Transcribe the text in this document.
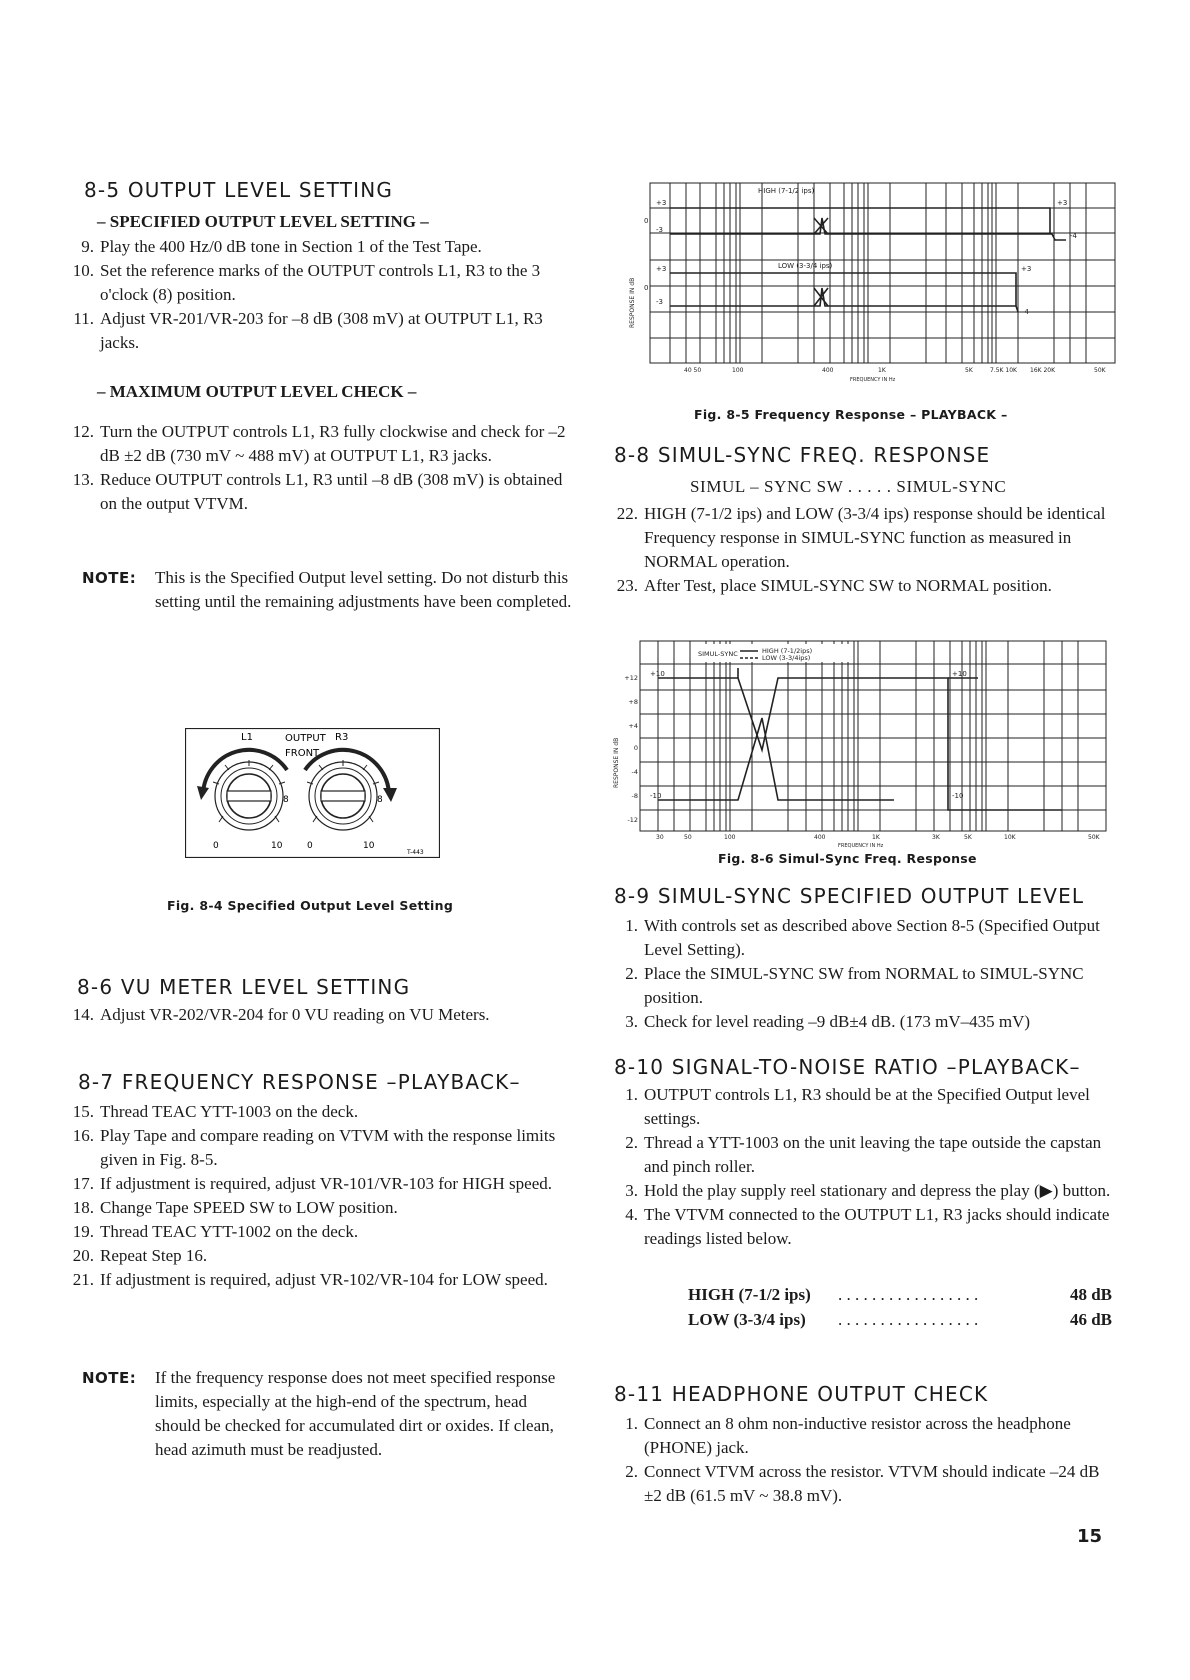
8-5 OUTPUT LEVEL SETTING
– SPECIFIED OUTPUT LEVEL SETTING –
9. Play the 400 Hz/0 dB tone in Section 1 of the Test Tape.
10. Set the reference marks of the OUTPUT controls L1, R3 to the 3 o'clock (8) position.
11. Adjust VR-201/VR-203 for –8 dB (308 mV) at OUTPUT L1, R3 jacks.
– MAXIMUM OUTPUT LEVEL CHECK –
12. Turn the OUTPUT controls L1, R3 fully clockwise and check for –2 dB ±2 dB (730 mV ~ 488 mV) at OUTPUT L1, R3 jacks.
13. Reduce OUTPUT controls L1, R3 until –8 dB (308 mV) is obtained on the output VTVM.
NOTE: This is the Specified Output level setting. Do not disturb this setting until the remaining adjustments have been completed.
L1	OUTPUT R3
FRONT
8
0	10
8
0	10
T-443
Fig. 8-4 Specified Output Level Setting
8-6 VU METER LEVEL SETTING
14. Adjust VR-202/VR-204 for 0 VU reading on VU Meters.
8-7 FREQUENCY RESPONSE –PLAYBACK–
15. Thread TEAC YTT-1003 on the deck.
16. Play Tape and compare reading on VTVM with the response limits given in Fig. 8-5.
17. If adjustment is required, adjust VR-101/VR-103 for HIGH speed.
18. Change Tape SPEED SW to LOW position.
19. Thread TEAC YTT-1002 on the deck.
20. Repeat Step 16.
21. If adjustment is required, adjust VR-102/VR-104 for LOW speed.
NOTE: If the frequency response does not meet specified response limits, especially at the high-end of the spectrum, head should be checked for accumulated dirt or oxides. If clean, head azimuth must be readjusted.
HIGH (7-1/2 ips)
LOW (3-3/4 ips)
+3
-3
+3
-4
+3
-3
+3
-4
0
0
RESPONSE IN dB
40 50	100	400	1K	5K	7.5K 10K 16K 20K	50K
FREQUENCY IN Hz
Fig. 8-5 Frequency Response – PLAYBACK –
8-8 SIMUL-SYNC FREQ. RESPONSE
SIMUL – SYNC SW . . . . . SIMUL-SYNC
22. HIGH (7-1/2 ips) and LOW (3-3/4 ips) response should be identical Frequency response in SIMUL-SYNC function as measured in NORMAL operation.
23. After Test, place SIMUL-SYNC SW to NORMAL position.
SIMUL-SYNC	HIGH (7-1/2ips)
LOW (3-3/4ips)
+10	+10
-10	-10
+12
+8
+4
0
-4
-8
-12
RESPONSE IN dB
30	50	100	400	1K	3K	5K	10K	50K
FREQUENCY IN Hz
Fig. 8-6 Simul-Sync Freq. Response
8-9 SIMUL-SYNC SPECIFIED OUTPUT LEVEL
1. With controls set as described above Section 8-5 (Specified Output Level Setting).
2. Place the SIMUL-SYNC SW from NORMAL to SIMUL-SYNC position.
3. Check for level reading –9 dB±4 dB. (173 mV–435 mV)
8-10 SIGNAL-TO-NOISE RATIO –PLAYBACK–
1. OUTPUT controls L1, R3 should be at the Specified Output level settings.
2. Thread a YTT-1003 on the unit leaving the tape outside the capstan and pinch roller.
3. Hold the play supply reel stationary and depress the play (▶) button.
4. The VTVM connected to the OUTPUT L1, R3 jacks should indicate readings listed below.
HIGH (7-1/2 ips) . . . . . . . . . . . . . . . . .	48 dB
LOW (3-3/4 ips) . . . . . . . . . . . . . . . . .	46 dB
8-11 HEADPHONE OUTPUT CHECK
1. Connect an 8 ohm non-inductive resistor across the headphone (PHONE) jack.
2. Connect VTVM across the resistor. VTVM should indicate –24 dB ±2 dB (61.5 mV ~ 38.8 mV).
15
